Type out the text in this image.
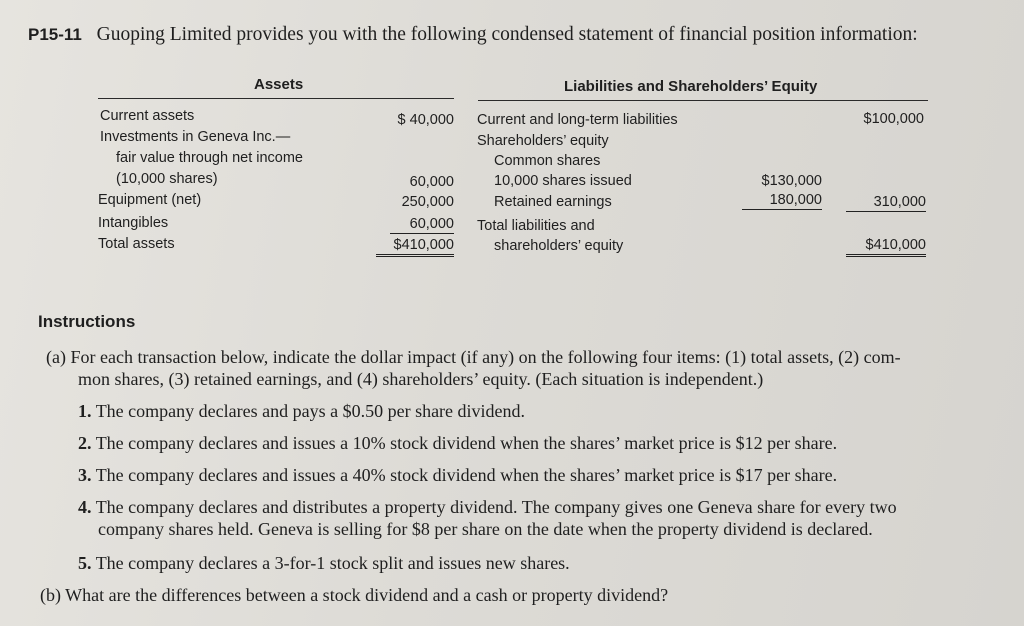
P15-11 Guoping Limited provides you with the following condensed statement of financial position information:
Assets	Liabilities and Shareholders’ Equity
Current assets	$ 40,000
Investments in Geneva Inc.—
fair value through net income
(10,000 shares)	60,000
Equipment (net)	250,000
Intangibles	60,000
Total assets	$410,000
Current and long-term liabilities	$100,000
Shareholders’ equity
Common shares
10,000 shares issued	$130,000
Retained earnings	180,000	310,000
Total liabilities and
shareholders’ equity	$410,000
Instructions
(a) For each transaction below, indicate the dollar impact (if any) on the following four items: (1) total assets, (2) com-
mon shares, (3) retained earnings, and (4) shareholders’ equity. (Each situation is independent.)
1. The company declares and pays a $0.50 per share dividend.
2. The company declares and issues a 10% stock dividend when the shares’ market price is $12 per share.
3. The company declares and issues a 40% stock dividend when the shares’ market price is $17 per share.
4. The company declares and distributes a property dividend. The company gives one Geneva share for every two
company shares held. Geneva is selling for $8 per share on the date when the property dividend is declared.
5. The company declares a 3-for-1 stock split and issues new shares.
(b) What are the differences between a stock dividend and a cash or property dividend?
